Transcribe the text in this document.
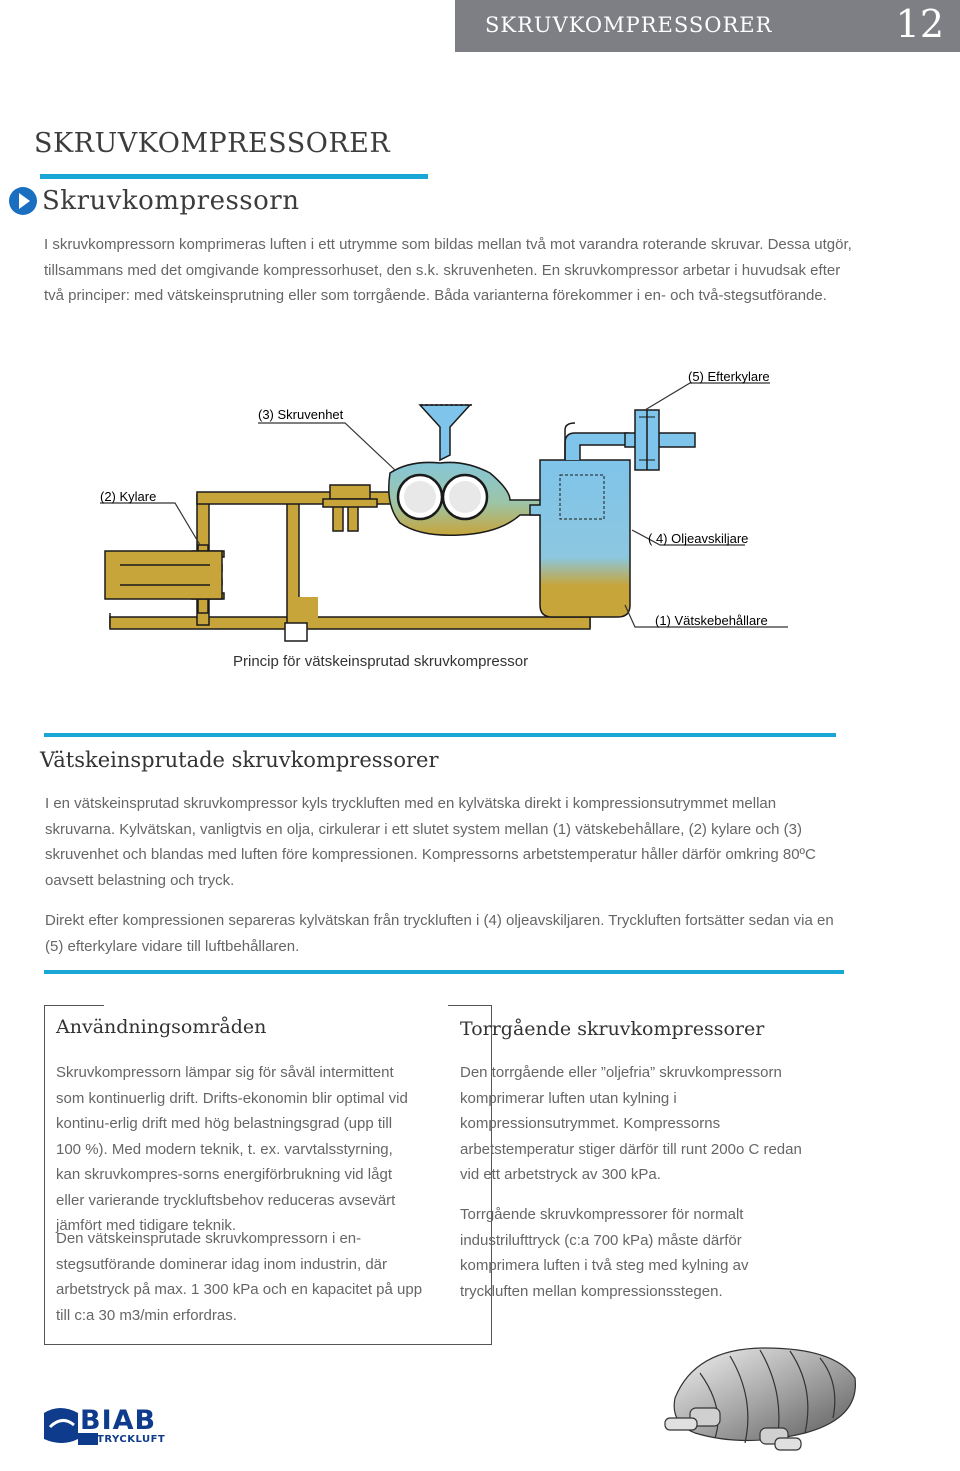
SKRUVKOMPRESSORER	12
SKRUVKOMPRESSORER
Skruvkompressorn
I skruvkompressorn komprimeras luften i ett utrymme som bildas mellan två mot varandra roterande skruvar. Dessa utgör, tillsammans med det omgivande kompressorhuset, den s.k. skruvenheten. En skruvkompressor arbetar i huvudsak efter två principer: med vätskeinsprutning eller som torrgående. Båda varianterna förekommer i en- och två-stegsutförande.
(5) Efterkylare
(3) Skruvenhet
(2) Kylare
( 4) Oljeavskiljare
(1) Vätskebehållare
Princip för vätskeinsprutad skruvkompressor
Vätskeinsprutade skruvkompressorer
I en vätskeinsprutad skruvkompressor kyls tryckluften med en kylvätska direkt i kompressionsutrymmet mellan skruvarna. Kylvätskan, vanligtvis en olja, cirkulerar i ett slutet system mellan (1) vätskebehållare, (2) kylare och (3) skruvenhet och blandas med luften före kompressionen. Kompressorns arbetstemperatur håller därför omkring 80ºC oavsett belastning och tryck.
Direkt efter kompressionen separeras kylvätskan från tryckluften i (4) oljeavskiljaren. Tryckluften fortsätter sedan via en (5) efterkylare vidare till luftbehållaren.
Användningsområden
Skruvkompressorn lämpar sig för såväl intermittent som kontinuerlig drift. Drifts-ekonomin blir optimal vid kontinu-erlig drift med hög belastningsgrad (upp till 100 %). Med modern teknik, t. ex. varvtalsstyrning, kan skruvkompres-sorns energiförbrukning vid lågt eller varierande tryckluftsbehov reduceras avsevärt jämfört med tidigare teknik.
Den vätskeinsprutade skruvkompressorn i en-stegsutförande dominerar idag inom industrin, där arbetstryck på max. 1 300 kPa och en kapacitet på upp till c:a 30 m3/min erfordras.
Torrgående skruvkompressorer
Den torrgående eller ”oljefria” skruvkompressorn komprimerar luften utan kylning i kompressionsutrymmet. Kompressorns arbetstemperatur stiger därför till runt 200o C redan vid ett arbetstryck av 300 kPa.
Torrgående skruvkompressorer för normalt industrilufttryck (c:a 700 kPa) måste därför komprimera luften i två steg med kylning av tryckluften mellan kompressionsstegen.
BIAB
TRYCKLUFT
